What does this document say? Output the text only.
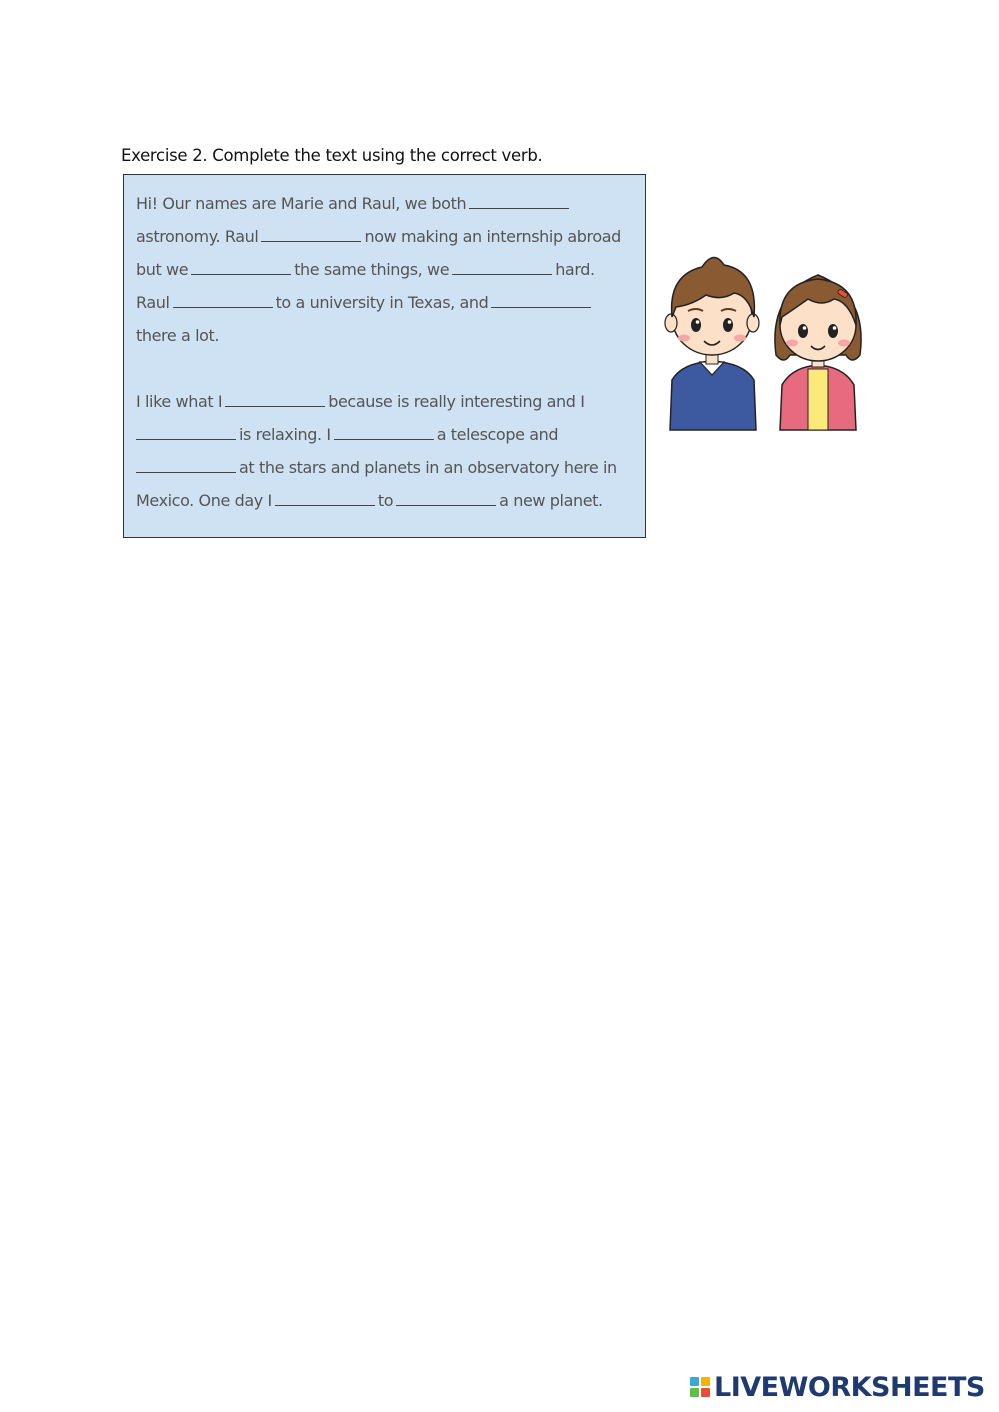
Exercise 2. Complete the text using the correct verb.
Hi! Our names are Marie and Raul, we both
astronomy. Raul	now making an internship abroad
but we	the same things, we	hard.
Raul	to a university in Texas, and
there a lot.
I like what I	because is really interesting and I
is relaxing. I	a telescope and
at the stars and planets in an observatory here in
Mexico. One day I	to	a new planet.
LIVEWORKSHEETS
